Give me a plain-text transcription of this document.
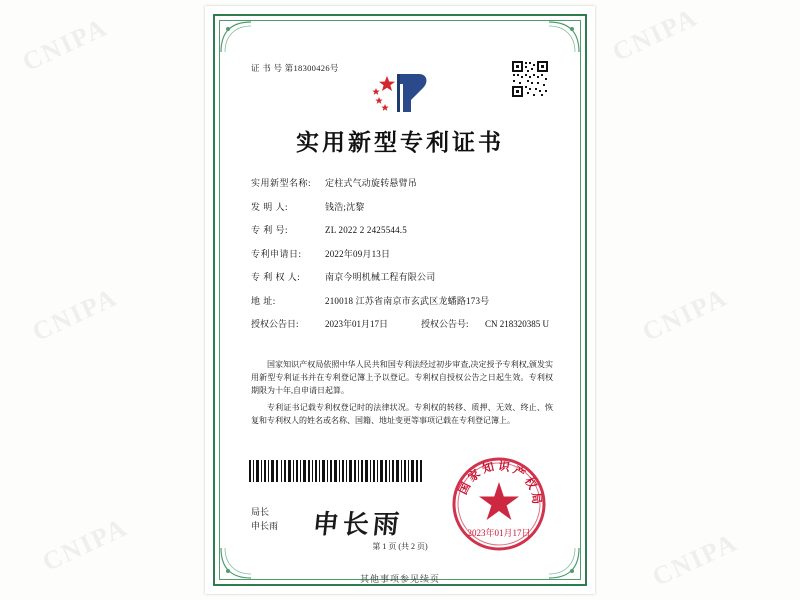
CNIPA	CNIPA
CNIPA	CNIPA
CNIPA	CNIPA
证 书 号 第18300426号
实用新型专利证书
实用新型名称:	定柱式气动旋转悬臂吊
发 明 人:	钱浩;沈黎
专 利 号:	ZL 2022 2 2425544.5
专利申请日:	2022年09月13日
专 利 权 人:	南京今明机械工程有限公司
地 址:	210018 江苏省南京市玄武区龙蟠路173号
授权公告日:	2023年01月17日	授权公告号:	CN 218320385 U

国家知识产权局依照中华人民共和国专利法经过初步审查,决定授予专利权,颁发实用新型专利证书并在专利登记簿上予以登记。专利权自授权公告之日起生效。专利权期限为十年,自申请日起算。

专利证书记载专利权登记时的法律状况。专利权的转移、质押、无效、终止、恢复和专利权人的姓名或名称、国籍、地址变更等事项记载在专利登记簿上。

国家知识产权局
2023年01月17日
局长
申长雨 申长雨
第 1 页 (共 2 页)
其他事项参见续页
